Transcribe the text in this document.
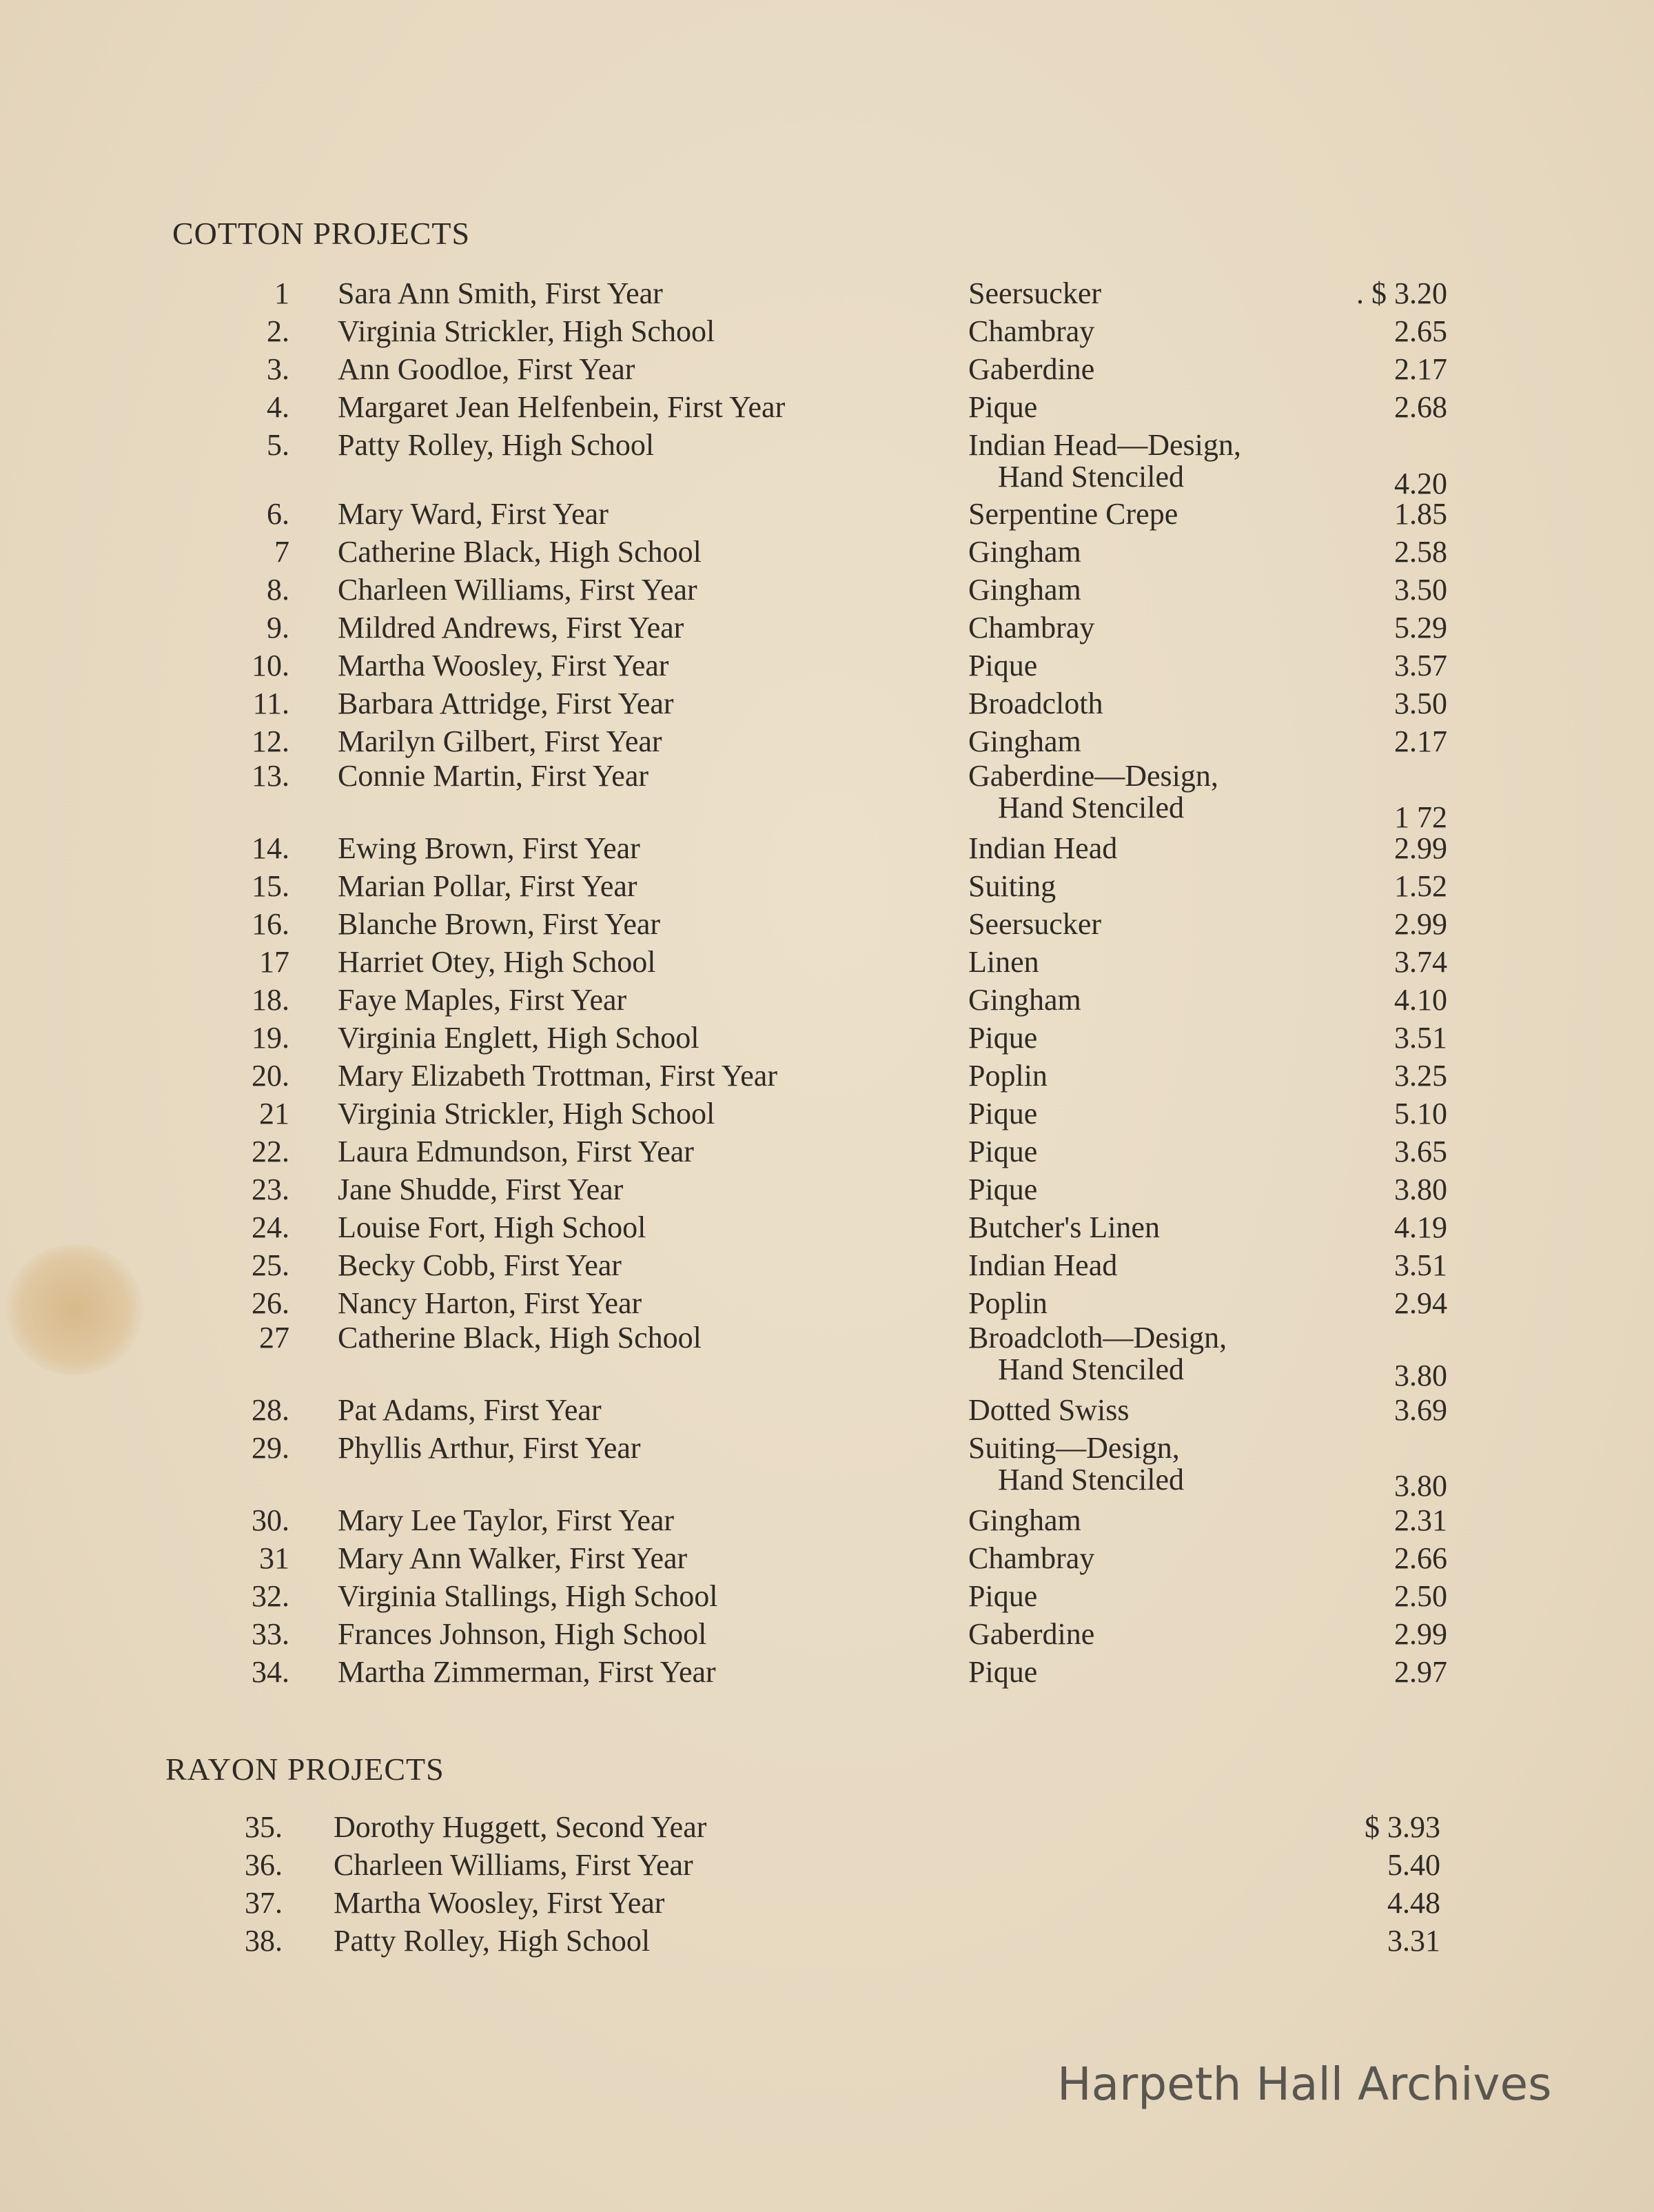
COTTON PROJECTS
1 Sara Ann Smith, First Year	Seersucker	. $ 3.20
2. Virginia Strickler, High School	Chambray	2.65
3. Ann Goodloe, First Year	Gaberdine	2.17
4. Margaret Jean Helfenbein, First Year	Pique	2.68
5. Patty Rolley, High School	Indian Head—Design,
Hand Stenciled	4.20
6. Mary Ward, First Year	Serpentine Crepe	1.85
7 Catherine Black, High School	Gingham	2.58
8. Charleen Williams, First Year	Gingham	3.50
9. Mildred Andrews, First Year	Chambray	5.29
10. Martha Woosley, First Year	Pique	3.57
11. Barbara Attridge, First Year	Broadcloth	3.50
12. Marilyn Gilbert, First Year	Gingham	2.17
13. Connie Martin, First Year	Gaberdine—Design,
Hand Stenciled	1 72
14. Ewing Brown, First Year	Indian Head	2.99
15. Marian Pollar, First Year	Suiting	1.52
16. Blanche Brown, First Year	Seersucker	2.99
17 Harriet Otey, High School	Linen	3.74
18. Faye Maples, First Year	Gingham	4.10
19. Virginia Englett, High School	Pique	3.51
20. Mary Elizabeth Trottman, First Year	Poplin	3.25
21 Virginia Strickler, High School	Pique	5.10
22. Laura Edmundson, First Year	Pique	3.65
23. Jane Shudde, First Year	Pique	3.80
24. Louise Fort, High School	Butcher's Linen	4.19
25. Becky Cobb, First Year	Indian Head	3.51
26. Nancy Harton, First Year	Poplin	2.94
27 Catherine Black, High School	Broadcloth—Design,
Hand Stenciled	3.80
28. Pat Adams, First Year	Dotted Swiss	3.69
29. Phyllis Arthur, First Year	Suiting—Design,
Hand Stenciled	3.80
30. Mary Lee Taylor, First Year	Gingham	2.31
31 Mary Ann Walker, First Year	Chambray	2.66
32. Virginia Stallings, High School	Pique	2.50
33. Frances Johnson, High School	Gaberdine	2.99
34. Martha Zimmerman, First Year	Pique	2.97
RAYON PROJECTS
35. Dorothy Huggett, Second Year	$ 3.93
36. Charleen Williams, First Year	5.40
37. Martha Woosley, First Year	4.48
38. Patty Rolley, High School	3.31
Harpeth Hall Archives
